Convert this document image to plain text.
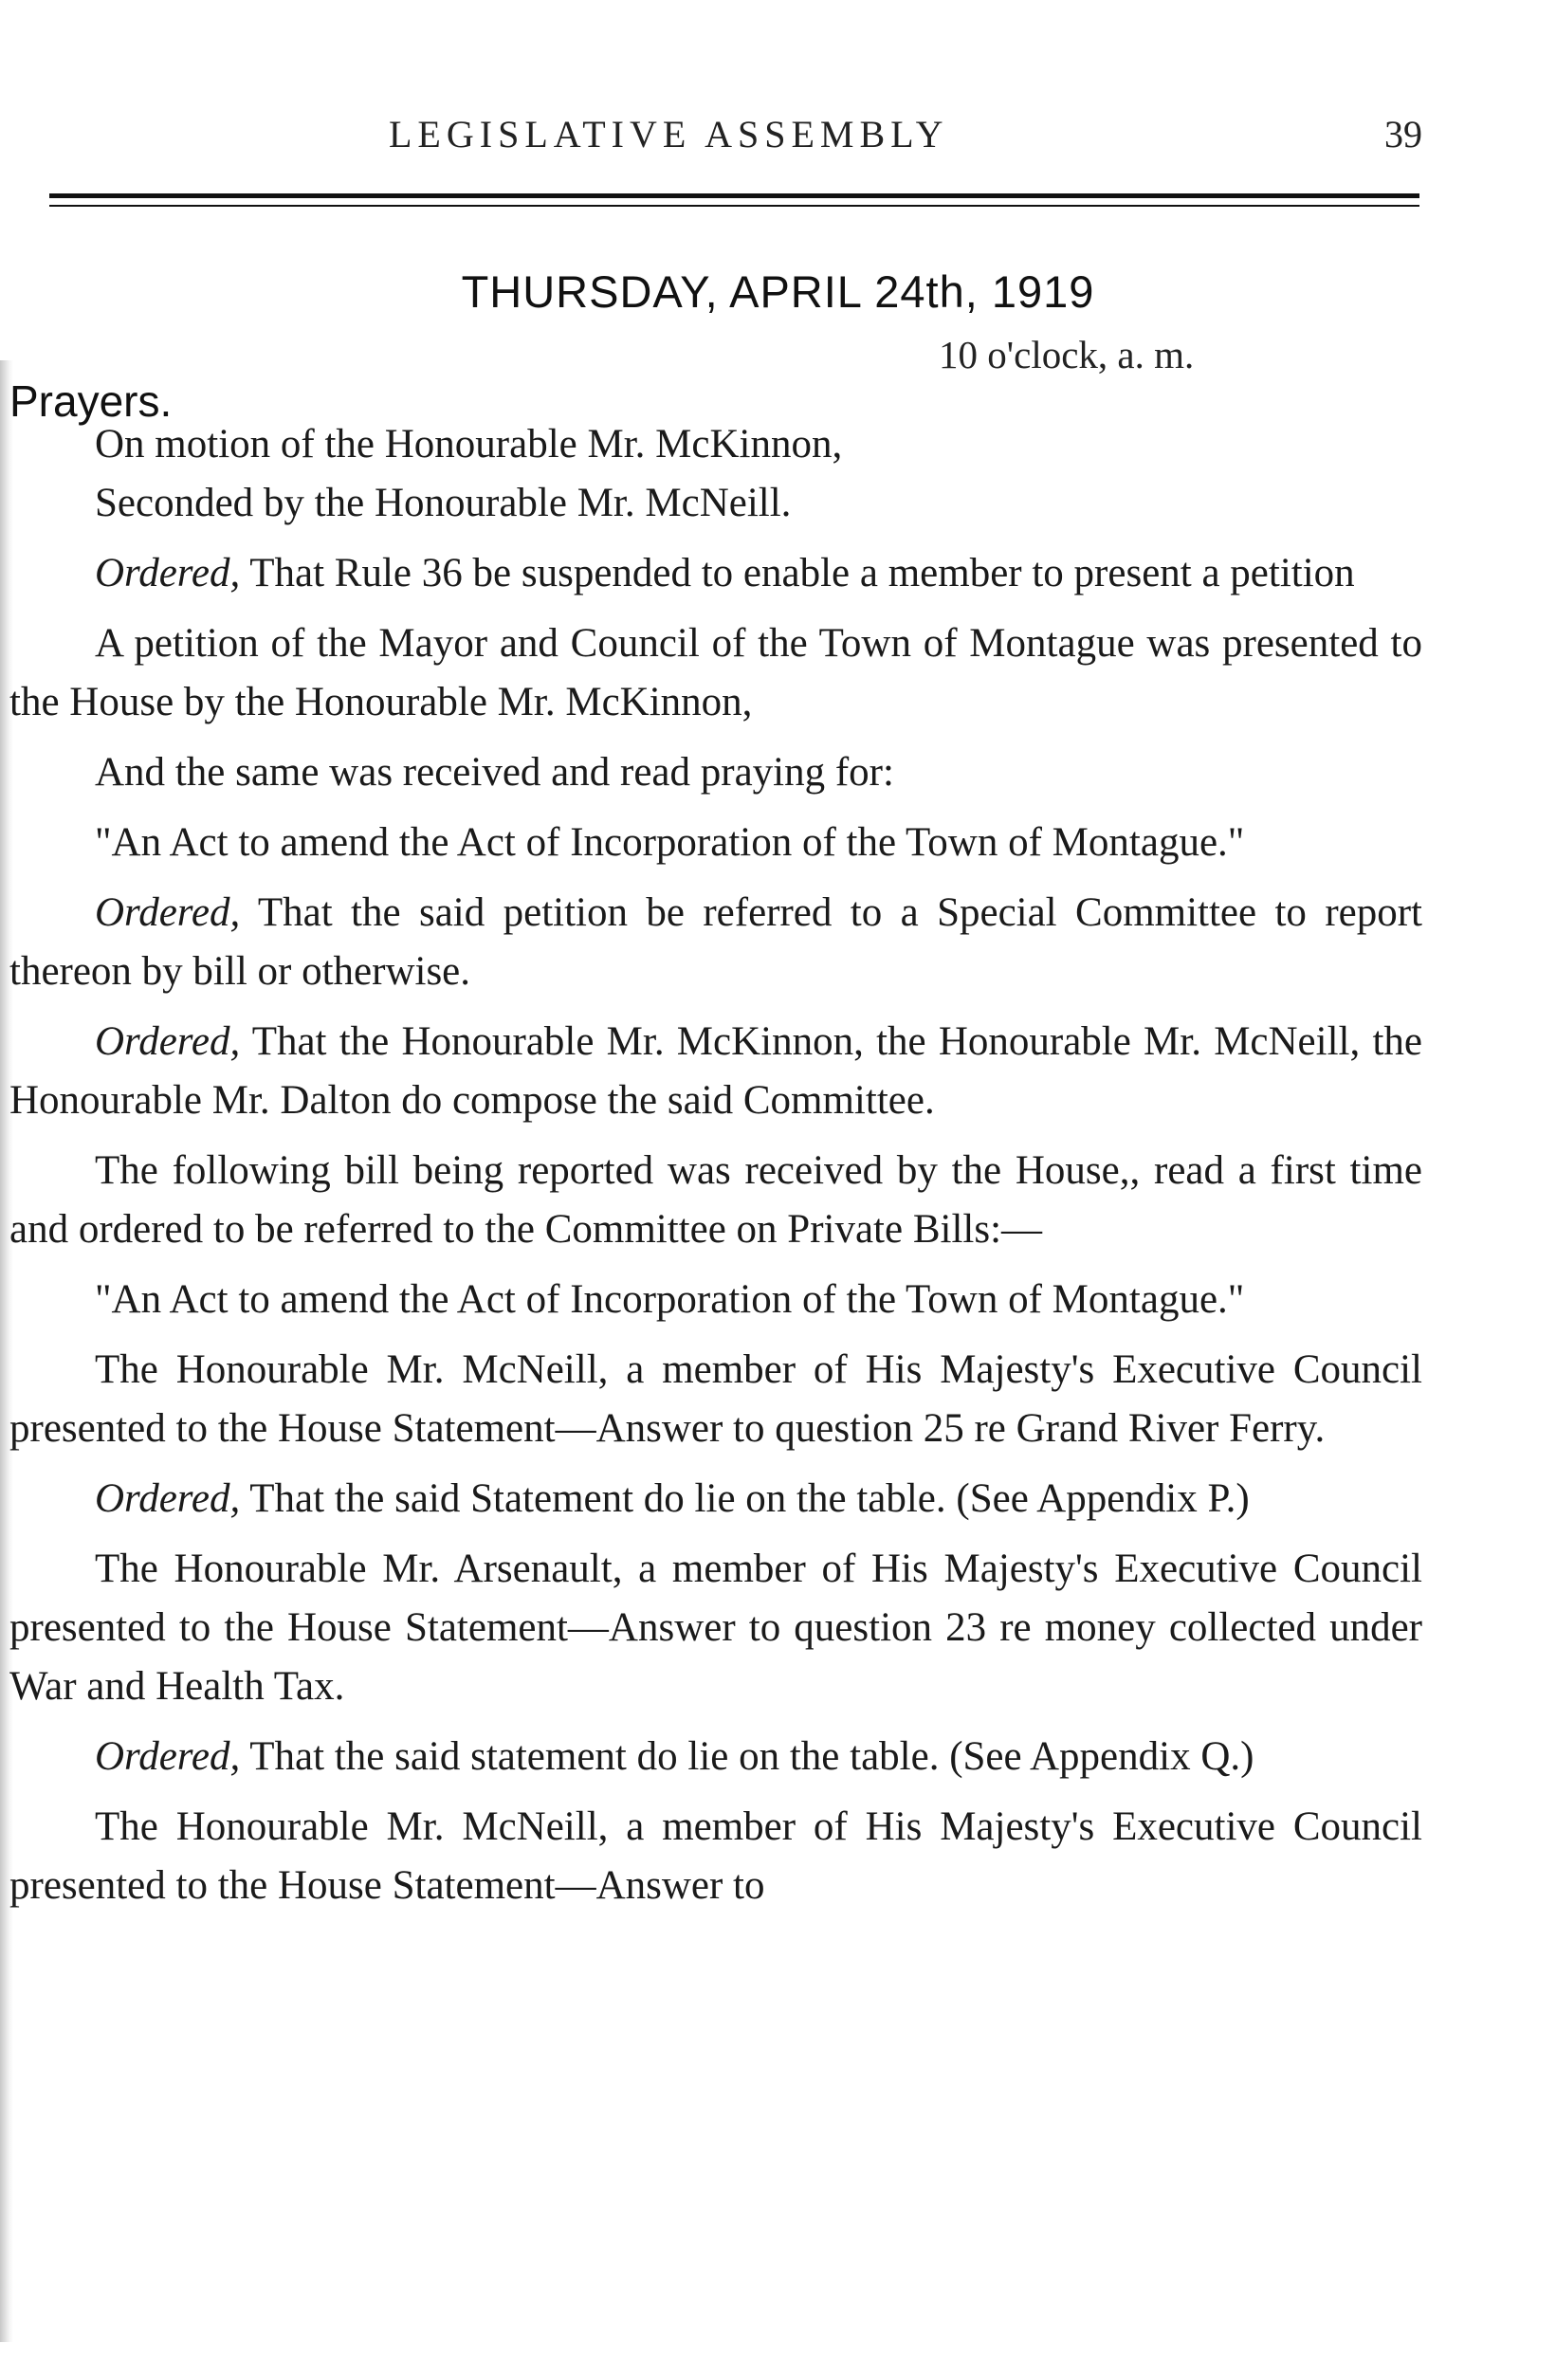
LEGISLATIVE ASSEMBLY	39
THURSDAY, APRIL 24th, 1919
10 o'clock, a. m.
Prayers.

On motion of the Honourable Mr. McKinnon,

Seconded by the Honourable Mr. McNeill.

Ordered, That Rule 36 be suspended to enable a member to present a petition

A petition of the Mayor and Council of the Town of Montague was presented to the House by the Honourable Mr. McKinnon,

And the same was received and read praying for:

"An Act to amend the Act of Incorporation of the Town of Montague."

Ordered, That the said petition be referred to a Special Committee to report thereon by bill or otherwise.

Ordered, That the Honourable Mr. McKinnon, the Honourable Mr. McNeill, the Honourable Mr. Dalton do compose the said Committee.

The following bill being reported was received by the House,, read a first time and ordered to be referred to the Committee on Private Bills:—

"An Act to amend the Act of Incorporation of the Town of Montague."

The Honourable Mr. McNeill, a member of His Majesty's Executive Council presented to the House Statement—Answer to question 25 re Grand River Ferry.

Ordered, That the said Statement do lie on the table. (See Appendix P.)

The Honourable Mr. Arsenault, a member of His Majesty's Executive Council presented to the House Statement—Answer to question 23 re money collected under War and Health Tax.

Ordered, That the said statement do lie on the table. (See Appendix Q.)

The Honourable Mr. McNeill, a member of His Majesty's Executive Council presented to the House Statement—Answer to
